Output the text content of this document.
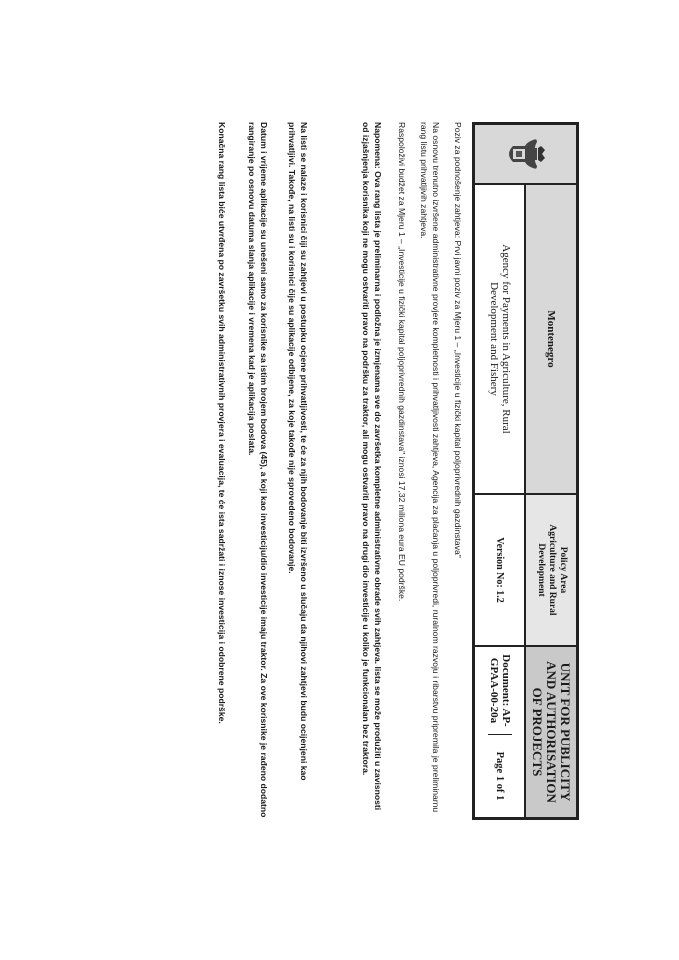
Montenegro
Agency for Payments in Agriculture, Rural Development and Fishery
Policy Area
Agriculture and Rural
Development
Version No: 1.2
UNIT FOR PUBLICITY
AND AUTHORISATION
OF PROJECTS
Document: AP-
GPAA-00-20a
Page 1 of 1

Poziv za podnošenje zahtjeva: Prvi javni poziv za Mjeru 1 – „Investicije u fizički kapital poljoprivrednih gazdinstava"

Na osnovu trenutno izvršene administrativne provjere kompletnosti i prihvatljivosti zahtjeva, Agencija za plaćanja u poljoprivredi, ruralnom razvoju i ribarstvu pripremila je preliminarnu rang listu prihvatljivih zahtjeva.

Raspoloživi budžet za Mjeru 1 – „Investicije u fizički kapital poljoprivrednih gazdinstava" iznosi 17,32 miliona eura EU podrške.

Napomena: Ova rang lista je preliminarna i podložna je izmjenama sve do završetka kompletne administrativne obrade svih zahtjeva. lista se može produžiti u zavisnosti od izjašnjenja korisnika koji ne mogu ostvariti pravo na podršku za traktor, ali mogu ostvariti pravo na drugi dio investicije u koliko je funkcionalan bez traktora.

Na listi se nalaze i korisnici čiji su zahtjevi u postupku ocjene prihvatljivosti, te će za njih bodovanje biti izvršeno u slučaju da njihovi zahtjevi budu ocijenjeni kao prihvatljivi. Takođe, na listi su i korisnici čije su aplikacije odbijene, za koje takođe nije sprovedeno bodovanje.

Datum i vrijeme aplikacije su unešeni samo za korisnike sa istim brojem bodova (45), a koji kao investiciju/dio investicije imaju traktor. Za ove korisnike je rađeno dodatno rangiranje po osnovu datuma slanja aplikacije i vremena kad je aplikacija poslata.

Konačna rang lista biće utvrđena po završetku svih administrativnih provjera i evaluacija, te će ista sadržati i iznose investicija i odobrene podrške.
